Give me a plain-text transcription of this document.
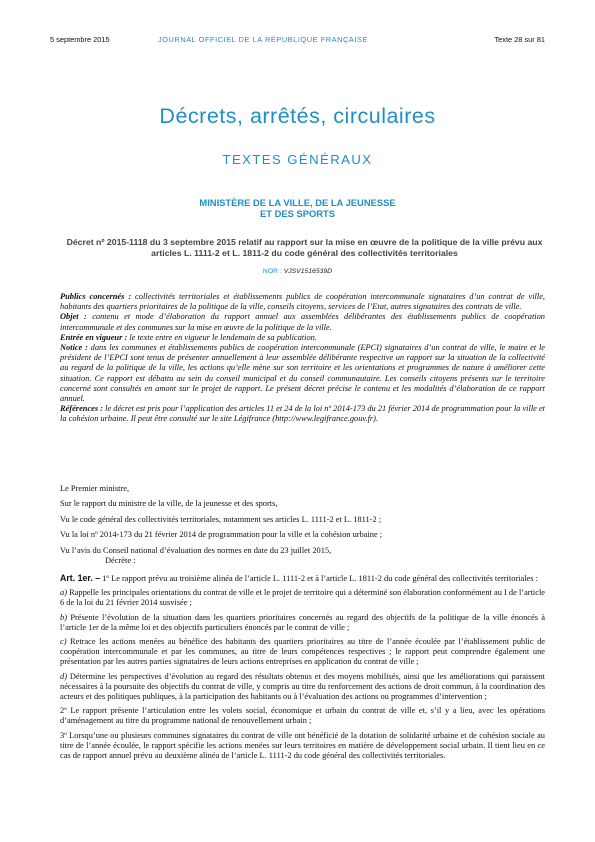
5 septembre 2015	JOURNAL OFFICIEL DE LA RÉPUBLIQUE FRANÇAISE	Texte 28 sur 81
Décrets, arrêtés, circulaires
TEXTES GÉNÉRAUX
MINISTÈRE DE LA VILLE, DE LA JEUNESSE
ET DES SPORTS
Décret nº 2015-1118 du 3 septembre 2015 relatif au rapport sur la mise en œuvre de la politique de la ville prévu aux articles L. 1111-2 et L. 1811-2 du code général des collectivités territoriales
NOR : VJSV1516539D

Publics concernés : collectivités territoriales et établissements publics de coopération intercommunale signataires d’un contrat de ville, habitants des quartiers prioritaires de la politique de la ville, conseils citoyens, services de l’Etat, autres signataires des contrats de ville.

Objet : contenu et mode d’élaboration du rapport annuel aux assemblées délibérantes des établissements publics de coopération intercommunale et des communes sur la mise en œuvre de la politique de la ville.

Entrée en vigueur : le texte entre en vigueur le lendemain de sa publication.

Notice : dans les communes et établissements publics de coopération intercommunale (EPCI) signataires d’un contrat de ville, le maire et le président de l’EPCI sont tenus de présenter annuellement à leur assemblée délibérante respective un rapport sur la situation de la collectivité au regard de la politique de la ville, les actions qu’elle mène sur son territoire et les orientations et programmes de nature à améliorer cette situation. Ce rapport est débattu au sein du conseil municipal et du conseil communautaire. Les conseils citoyens présents sur le territoire concerné sont consultés en amont sur le projet de rapport. Le présent décret précise le contenu et les modalités d’élaboration de ce rapport annuel.

Références : le décret est pris pour l’application des articles 11 et 24 de la loi nº 2014-173 du 21 février 2014 de programmation pour la ville et la cohésion urbaine. Il peut être consulté sur le site Légifrance (http://www.legifrance.gouv.fr).

Le Premier ministre,

Sur le rapport du ministre de la ville, de la jeunesse et des sports,

Vu le code général des collectivités territoriales, notamment ses articles L. 1111-2 et L. 1811-2 ;

Vu la loi nº 2014-173 du 21 février 2014 de programmation pour la ville et la cohésion urbaine ;

Vu l’avis du Conseil national d’évaluation des normes en date du 23 juillet 2015,

Décrète :

Art. 1er. – 1º Le rapport prévu au troisième alinéa de l’article L. 1111-2 et à l’article L. 1811-2 du code général des collectivités territoriales :

a) Rappelle les principales orientations du contrat de ville et le projet de territoire qui a déterminé son élaboration conformément au I de l’article 6 de la loi du 21 février 2014 susvisée ;

b) Présente l’évolution de la situation dans les quartiers prioritaires concernés au regard des objectifs de la politique de la ville énoncés à l’article 1er de la même loi et des objectifs particuliers énoncés par le contrat de ville ;

c) Retrace les actions menées au bénéfice des habitants des quartiers prioritaires au titre de l’année écoulée par l’établissement public de coopération intercommunale et par les communes, au titre de leurs compétences respectives ; le rapport peut comprendre également une présentation par les autres parties signataires de leurs actions entreprises en application du contrat de ville ;

d) Détermine les perspectives d’évolution au regard des résultats obtenus et des moyens mobilisés, ainsi que les améliorations qui paraissent nécessaires à la poursuite des objectifs du contrat de ville, y compris au titre du renforcement des actions de droit commun, à la coordination des acteurs et des politiques publiques, à la participation des habitants ou à l’évaluation des actions ou programmes d’intervention ;

2º Le rapport présente l’articulation entre les volets social, économique et urbain du contrat de ville et, s’il y a lieu, avec les opérations d’aménagement au titre du programme national de renouvellement urbain ;

3º Lorsqu’une ou plusieurs communes signataires du contrat de ville ont bénéficié de la dotation de solidarité urbaine et de cohésion sociale au titre de l’année écoulée, le rapport spécifie les actions menées sur leurs territoires en matière de développement social urbain. Il tient lieu en ce cas de rapport annuel prévu au deuxième alinéa de l’article L. 1111-2 du code général des collectivités territoriales.
